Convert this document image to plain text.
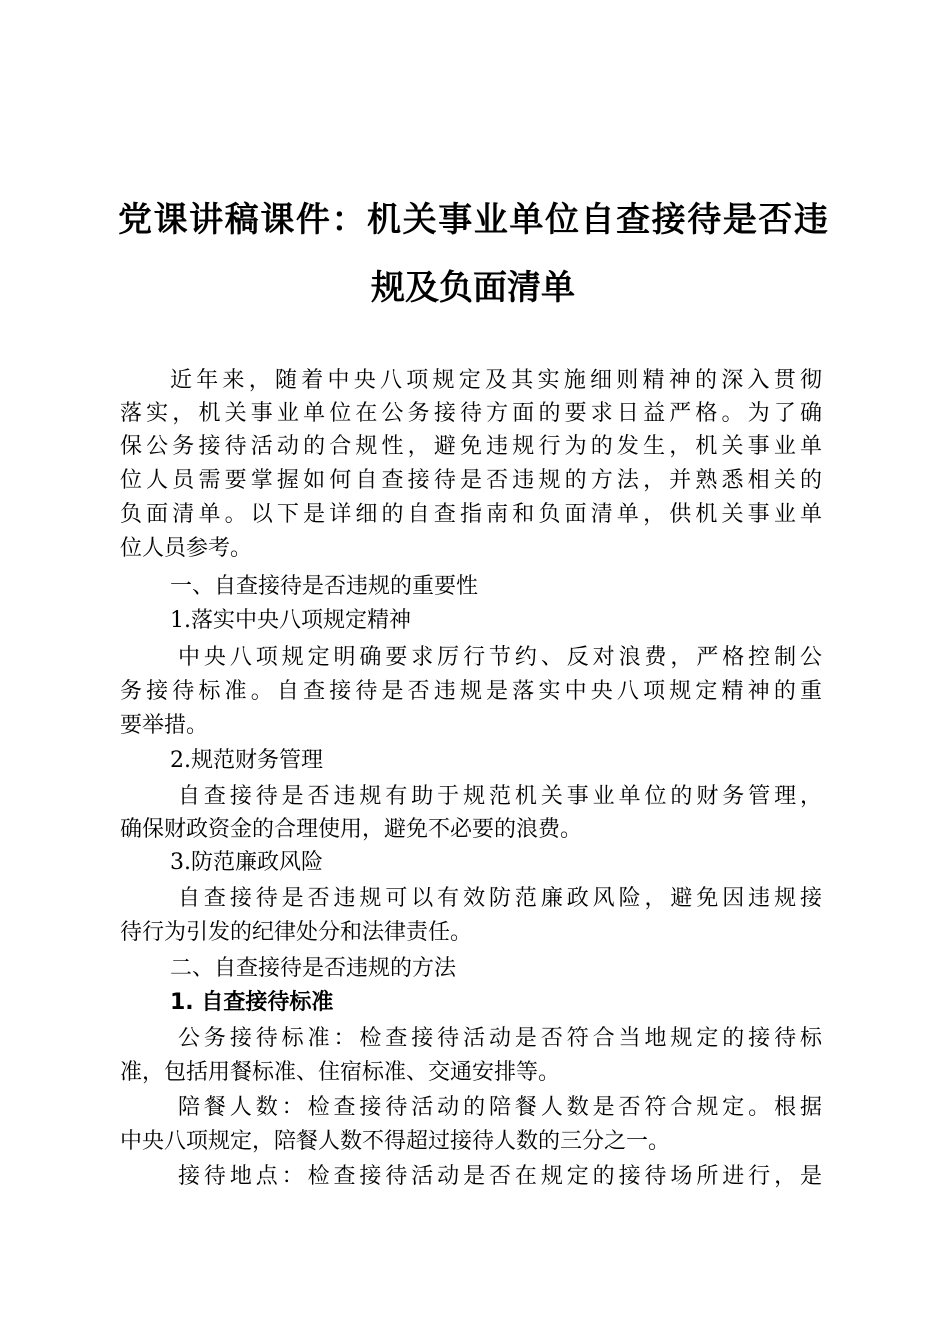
党课讲稿课件：机关事业单位自查接待是否违
规及负面清单
近年来，随着中央八项规定及其实施细则精神的深入贯彻
落实，机关事业单位在公务接待方面的要求日益严格。为了确
保公务接待活动的合规性，避免违规行为的发生，机关事业单
位人员需要掌握如何自查接待是否违规的方法，并熟悉相关的
负面清单。以下是详细的自查指南和负面清单，供机关事业单
位人员参考。
一、自查接待是否违规的重要性
1.落实中央八项规定精神
中央八项规定明确要求厉行节约、反对浪费，严格控制公
务接待标准。自查接待是否违规是落实中央八项规定精神的重
要举措。
2.规范财务管理
自查接待是否违规有助于规范机关事业单位的财务管理，
确保财政资金的合理使用，避免不必要的浪费。
3.防范廉政风险
自查接待是否违规可以有效防范廉政风险，避免因违规接
待行为引发的纪律处分和法律责任。
二、自查接待是否违规的方法
1. 自查接待标准
公务接待标准：检查接待活动是否符合当地规定的接待标
准，包括用餐标准、住宿标准、交通安排等。
陪餐人数：检查接待活动的陪餐人数是否符合规定。根据
中央八项规定，陪餐人数不得超过接待人数的三分之一。
接待地点：检查接待活动是否在规定的接待场所进行，是
